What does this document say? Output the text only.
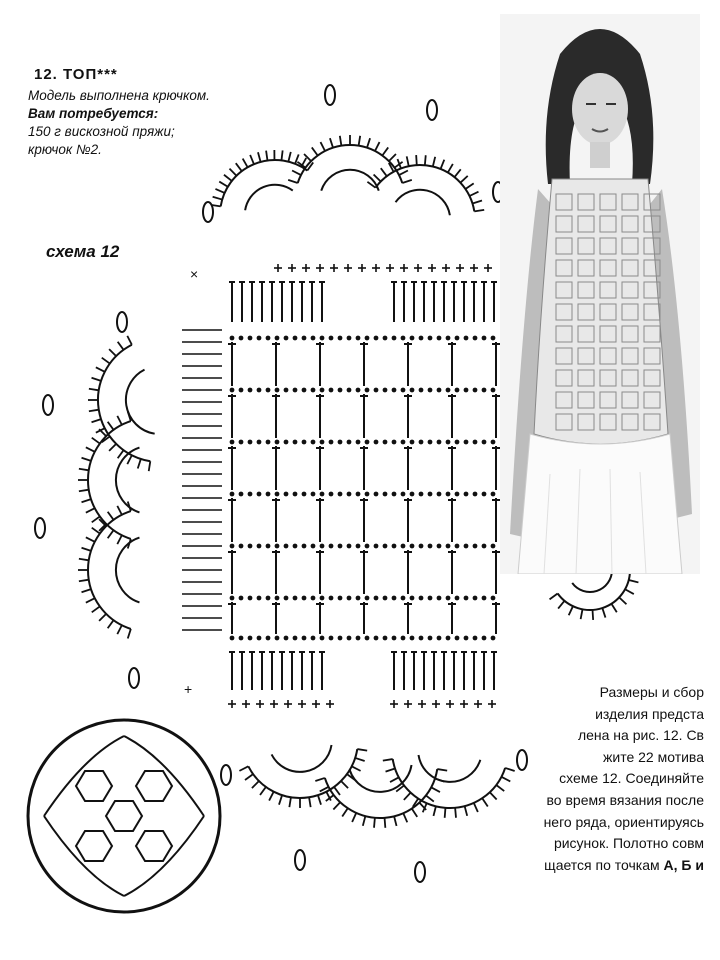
12. ТОП***

Модель выполнена крючком.

Вам потребуется:

150 г вискозной пряжи;

крючок №2.

схема 12
×
+	Размеры и сбор

изделия предста

лена на рис. 12. Св

жите 22 мотива

схеме 12. Соединяйте

во время вязания после

него ряда, ориентируясь

рисунок. Полотно совм

щается по точкам А, Б и
